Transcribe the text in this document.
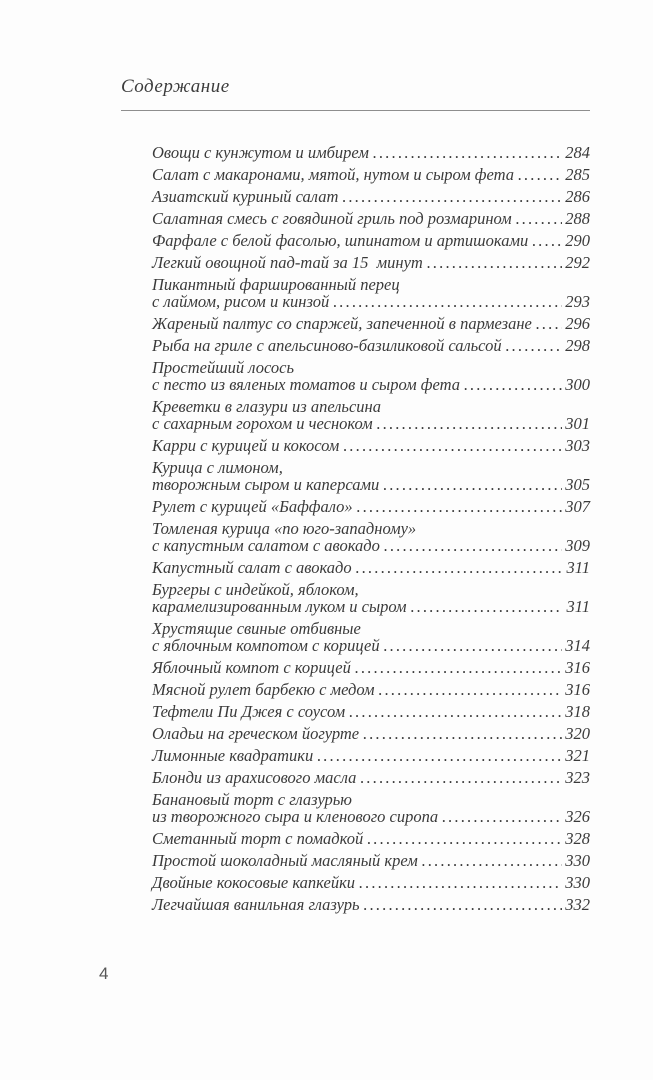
Содержание
Овощи с кунжутом и имбирем .....	284
Салат с макаронами, мятой, нутом и сыром фета .....	285
Азиатский куриный салат .....	286
Салатная смесь с говядиной гриль под розмарином .....	288
Фарфале с белой фасолью, шпинатом и артишоками ..... 290
Легкий овощной пад-тай за 15  минут .....	292
Пикантный фаршированный перец
с лаймом, рисом и кинзой .....	293
Жареный палтус со спаржей, запеченной в пармезане ..... 296
Рыба на гриле с апельсиново-базиликовой сальсой .....	298
Простейший лосось
с песто из вяленых томатов и сыром фета .....	300
Креветки в глазури из апельсина
с сахарным горохом и чесноком .....	301
Карри с курицей и кокосом .....	303
Курица с лимоном,
творожным сыром и каперсами .....	305
Рулет с курицей «Баффало» .....	307
Томленая курица «по юго-западному»
с капустным салатом с авокадо .....	309
Капустный салат с авокадо .....	311
Бургеры с индейкой, яблоком,
карамелизированным луком и сыром .....	311
Хрустящие свиные отбивные
с яблочным компотом с корицей .....	314
Яблочный компот с корицей .....	316
Мясной рулет барбекю с медом .....	316
Тефтели Пи Джея с соусом .....	318
Оладьи на греческом йогурте .....	320
Лимонные квадратики .....	321
Блонди из арахисового масла .....	323
Банановый торт с глазурью
из творожного сыра и кленового сиропа .....	326
Сметанный торт с помадкой .....	328
Простой шоколадный масляный крем .....	330
Двойные кокосовые капкейки .....	330
Легчайшая ванильная глазурь .....	332
4
